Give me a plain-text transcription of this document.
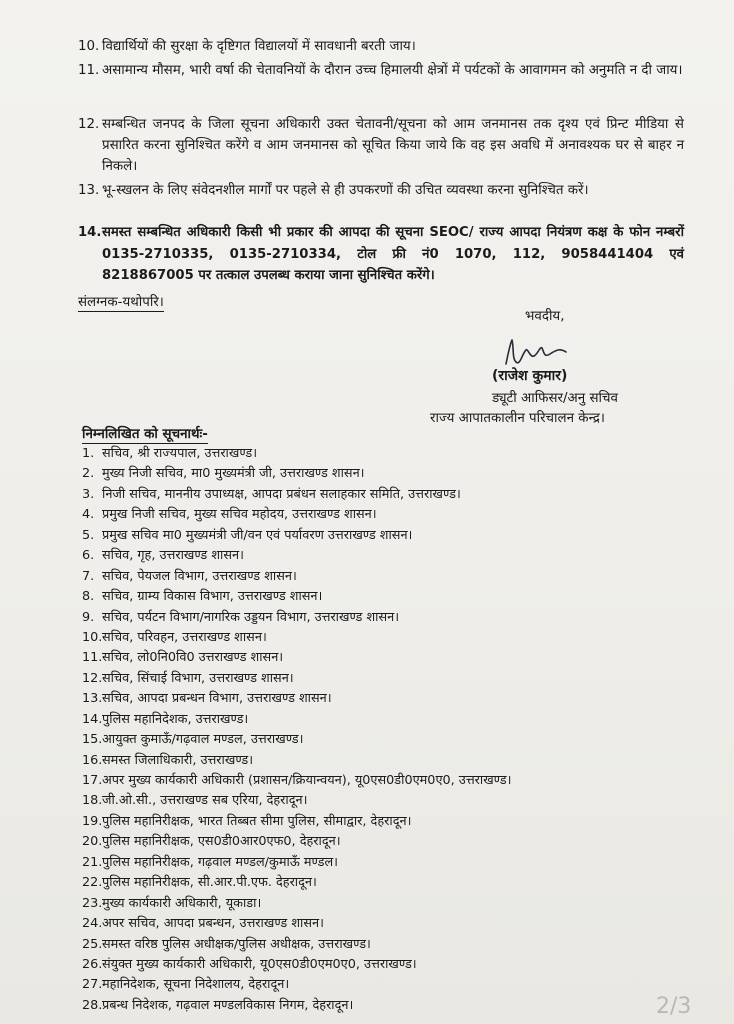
10. विद्यार्थियों की सुरक्षा के दृष्टिगत विद्यालयों में सावधानी बरती जाय।
11. असामान्य मौसम, भारी वर्षा की चेतावनियों के दौरान उच्च हिमालयी क्षेत्रों में पर्यटकों के आवागमन को अनुमति न दी जाय।
12. सम्बन्धित जनपद के जिला सूचना अधिकारी उक्त चेतावनी/सूचना को आम जनमानस तक दृश्य एवं प्रिन्ट मीडिया से प्रसारित करना सुनिश्चित करेंगे व आम जनमानस को सूचित किया जाये कि वह इस अवधि में अनावश्यक घर से बाहर न निकले।
13. भू-स्खलन के लिए संवेदनशील मार्गों पर पहले से ही उपकरणों की उचित व्यवस्था करना सुनिश्चित करें।
14. समस्त सम्बन्धित अधिकारी किसी भी प्रकार की आपदा की सूचना SEOC/ राज्य आपदा नियंत्रण कक्ष के फोन नम्बरों 0135-2710335, 0135-2710334, टोल फ्री नं0 1070, 112, 9058441404 एवं 8218867005 पर तत्काल उपलब्ध कराया जाना सुनिश्चित करेंगे।
संलग्नक-यथोपरि।
भवदीय,
(राजेश कुमार)
ड्यूटी आफिसर/अनु सचिव
राज्य आपातकालीन परिचालन केन्द्र।
निम्नलिखित को सूचनार्थः-
1. सचिव, श्री राज्यपाल, उत्तराखण्ड।
2. मुख्य निजी सचिव, मा0 मुख्यमंत्री जी, उत्तराखण्ड शासन।
3. निजी सचिव, माननीय उपाध्यक्ष, आपदा प्रबंधन सलाहकार समिति, उत्तराखण्ड।
4. प्रमुख निजी सचिव, मुख्य सचिव महोदय, उत्तराखण्ड शासन।
5. प्रमुख सचिव मा0 मुख्यमंत्री जी/वन एवं पर्यावरण उत्तराखण्ड शासन।
6. सचिव, गृह, उत्तराखण्ड शासन।
7. सचिव, पेयजल विभाग, उत्तराखण्ड शासन।
8. सचिव, ग्राम्य विकास विभाग, उत्तराखण्ड शासन।
9. सचिव, पर्यटन विभाग/नागरिक उड्डयन विभाग, उत्तराखण्ड शासन।
10. सचिव, परिवहन, उत्तराखण्ड शासन।
11. सचिव, लो0नि0वि0 उत्तराखण्ड शासन।
12. सचिव, सिंचाई विभाग, उत्तराखण्ड शासन।
13. सचिव, आपदा प्रबन्धन विभाग, उत्तराखण्ड शासन।
14. पुलिस महानिदेशक, उत्तराखण्ड।
15. आयुक्त कुमाऊँ/गढ़वाल मण्डल, उत्तराखण्ड।
16. समस्त जिलाधिकारी, उत्तराखण्ड।
17. अपर मुख्य कार्यकारी अधिकारी (प्रशासन/क्रियान्वयन), यू0एस0डी0एम0ए0, उत्तराखण्ड।
18. जी.ओ.सी., उत्तराखण्ड सब एरिया, देहरादून।
19. पुलिस महानिरीक्षक, भारत तिब्बत सीमा पुलिस, सीमाद्वार, देहरादून।
20. पुलिस महानिरीक्षक, एस0डी0आर0एफ0, देहरादून।
21. पुलिस महानिरीक्षक, गढ़वाल मण्डल/कुमाऊँ मण्डल।
22. पुलिस महानिरीक्षक, सी.आर.पी.एफ. देहरादून।
23. मुख्य कार्यकारी अधिकारी, यूकाडा।
24. अपर सचिव, आपदा प्रबन्धन, उत्तराखण्ड शासन।
25. समस्त वरिष्ठ पुलिस अधीक्षक/पुलिस अधीक्षक, उत्तराखण्ड।
26. संयुक्त मुख्य कार्यकारी अधिकारी, यू0एस0डी0एम0ए0, उत्तराखण्ड।
27. महानिदेशक, सूचना निदेशालय, देहरादून।
28. प्रबन्ध निदेशक, गढ़वाल मण्डलविकास निगम, देहरादून।	2/3
